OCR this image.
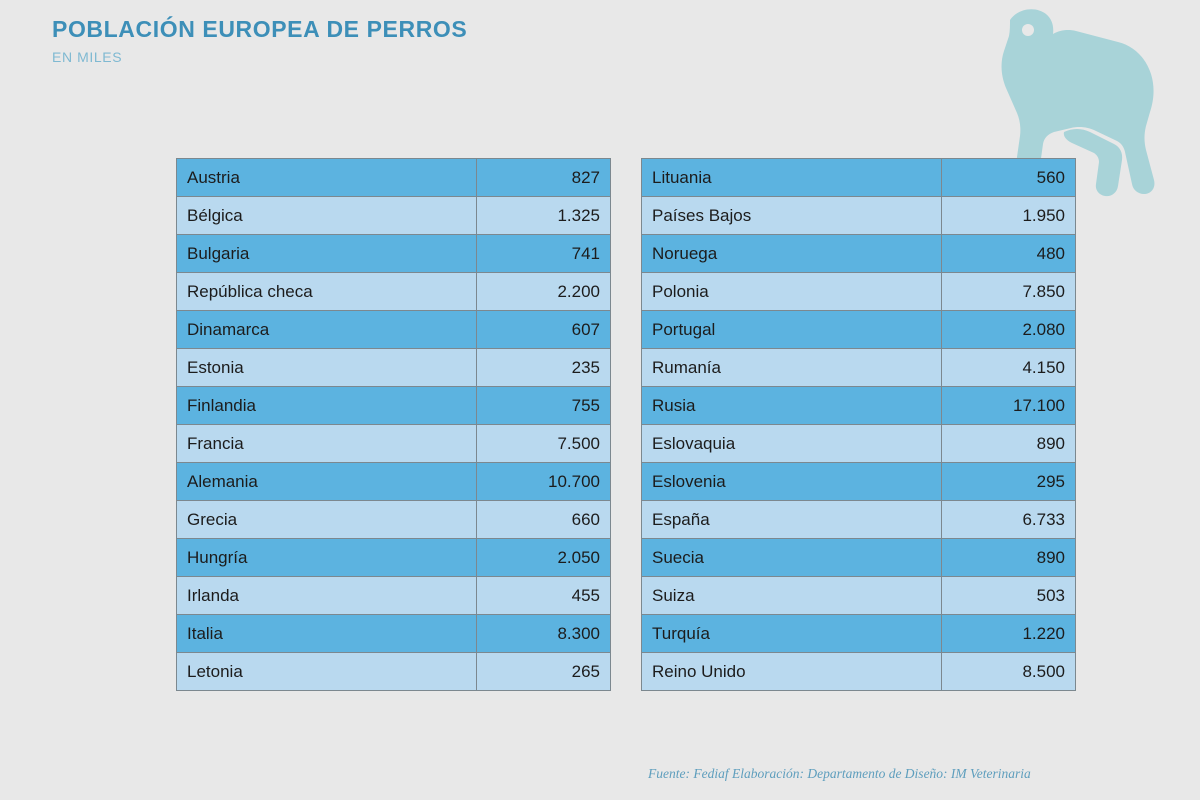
POBLACIÓN EUROPEA DE PERROS

EN MILES

Austria	827
Bélgica	1.325
Bulgaria	741
República checa	2.200
Dinamarca	607
Estonia	235
Finlandia	755
Francia	7.500
Alemania	10.700
Grecia	660
Hungría	2.050
Irlanda	455
Italia	8.300
Letonia	265
Lituania	560
Países Bajos	1.950
Noruega	480
Polonia	7.850
Portugal	2.080
Rumanía	4.150
Rusia	17.100
Eslovaquia	890
Eslovenia	295
España	6.733
Suecia	890
Suiza	503
Turquía	1.220
Reino Unido	8.500
Fuente: Fediaf Elaboración: Departamento de Diseño: IM Veterinaria
